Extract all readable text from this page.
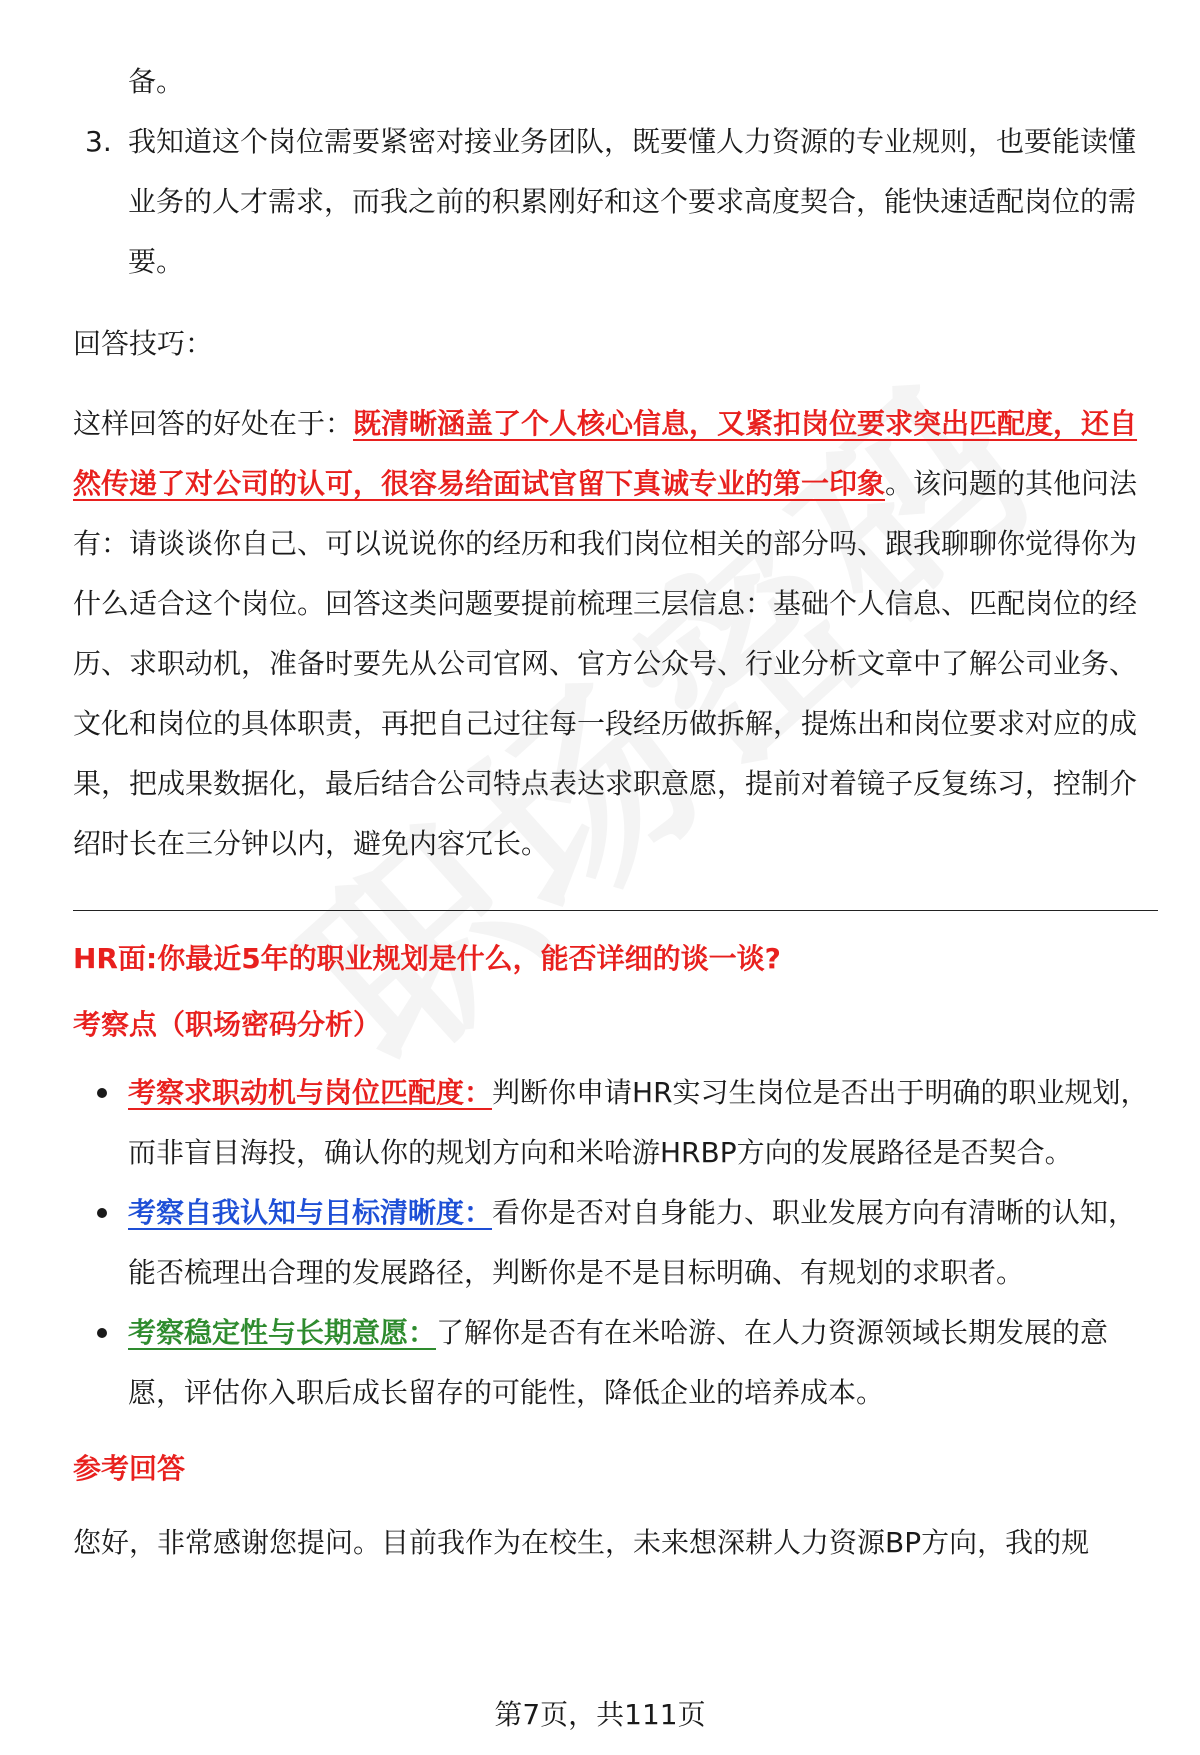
备。

3. 我知道这个岗位需要紧密对接业务团队，既要懂人力资源的专业规则，也要能读懂业务的人才需求，而我之前的积累刚好和这个要求高度契合，能快速适配岗位的需要。

回答技巧：

这样回答的好处在于：既清晰涵盖了个人核心信息，又紧扣岗位要求突出匹配度，还自然传递了对公司的认可，很容易给面试官留下真诚专业的第一印象。该问题的其他问法有：请谈谈你自己、可以说说你的经历和我们岗位相关的部分吗、跟我聊聊你觉得你为什么适合这个岗位。回答这类问题要提前梳理三层信息：基础个人信息、匹配岗位的经历、求职动机，准备时要先从公司官网、官方公众号、行业分析文章中了解公司业务、文化和岗位的具体职责，再把自己过往每一段经历做拆解，提炼出和岗位要求对应的成果，把成果数据化，最后结合公司特点表达求职意愿，提前对着镜子反复练习，控制介绍时长在三分钟以内，避免内容冗长。

HR面:你最近5年的职业规划是什么，能否详细的谈一谈?

考察点（职场密码分析）

考察求职动机与岗位匹配度：判断你申请HR实习生岗位是否出于明确的职业规划，而非盲目海投，确认你的规划方向和米哈游HRBP方向的发展路径是否契合。
考察自我认知与目标清晰度：看你是否对自身能力、职业发展方向有清晰的认知，能否梳理出合理的发展路径，判断你是不是目标明确、有规划的求职者。
考察稳定性与长期意愿：了解你是否有在米哈游、在人力资源领域长期发展的意愿，评估你入职后成长留存的可能性，降低企业的培养成本。

参考回答

您好，非常感谢您提问。目前我作为在校生，未来想深耕人力资源BP方向，我的规

第7页，共111页
